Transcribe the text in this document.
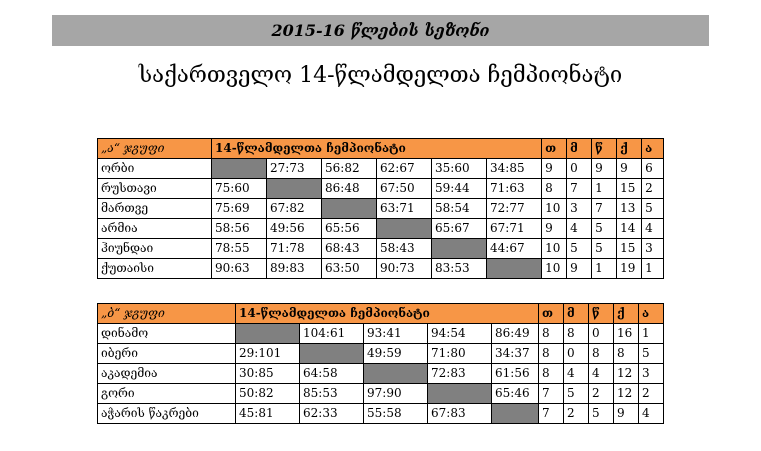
2015-16 წლების სეზონი
საქართველო 14-წლამდელთა ჩემპიონატი
„ა“ ჯგუფი	14-წლამდელთა ჩემპიონატი						თ	მ	წ	ქ	ა
ორბი		27:73	56:82	62:67	35:60	34:85	9	0	9	9	6
რუსთავი	75:60		86:48	67:50	59:44	71:63	8	7	1	15	2
მართვე	75:69	67:82		63:71	58:54	72:77	10	3	7	13	5
არმია	58:56	49:56	65:56		65:67	67:71	9	4	5	14	4
ჰიუნდაი	78:55	71:78	68:43	58:43		44:67	10	5	5	15	3
ქუთაისი	90:63	89:83	63:50	90:73	83:53		10	9	1	19	1
„ბ“ ჯგუფი	14-წლამდელთა ჩემპიონატი					თ	მ	წ	ქ	ა
დინამო		104:61	93:41	94:54	86:49	8	8	0	16	1
იბერი	29:101		49:59	71:80	34:37	8	0	8	8	5
აკადემია	30:85	64:58		72:83	61:56	8	4	4	12	3
გორი	50:82	85:53	97:90		65:46	7	5	2	12	2
აჭარის წაკრები	45:81	62:33	55:58	67:83		7	2	5	9	4
